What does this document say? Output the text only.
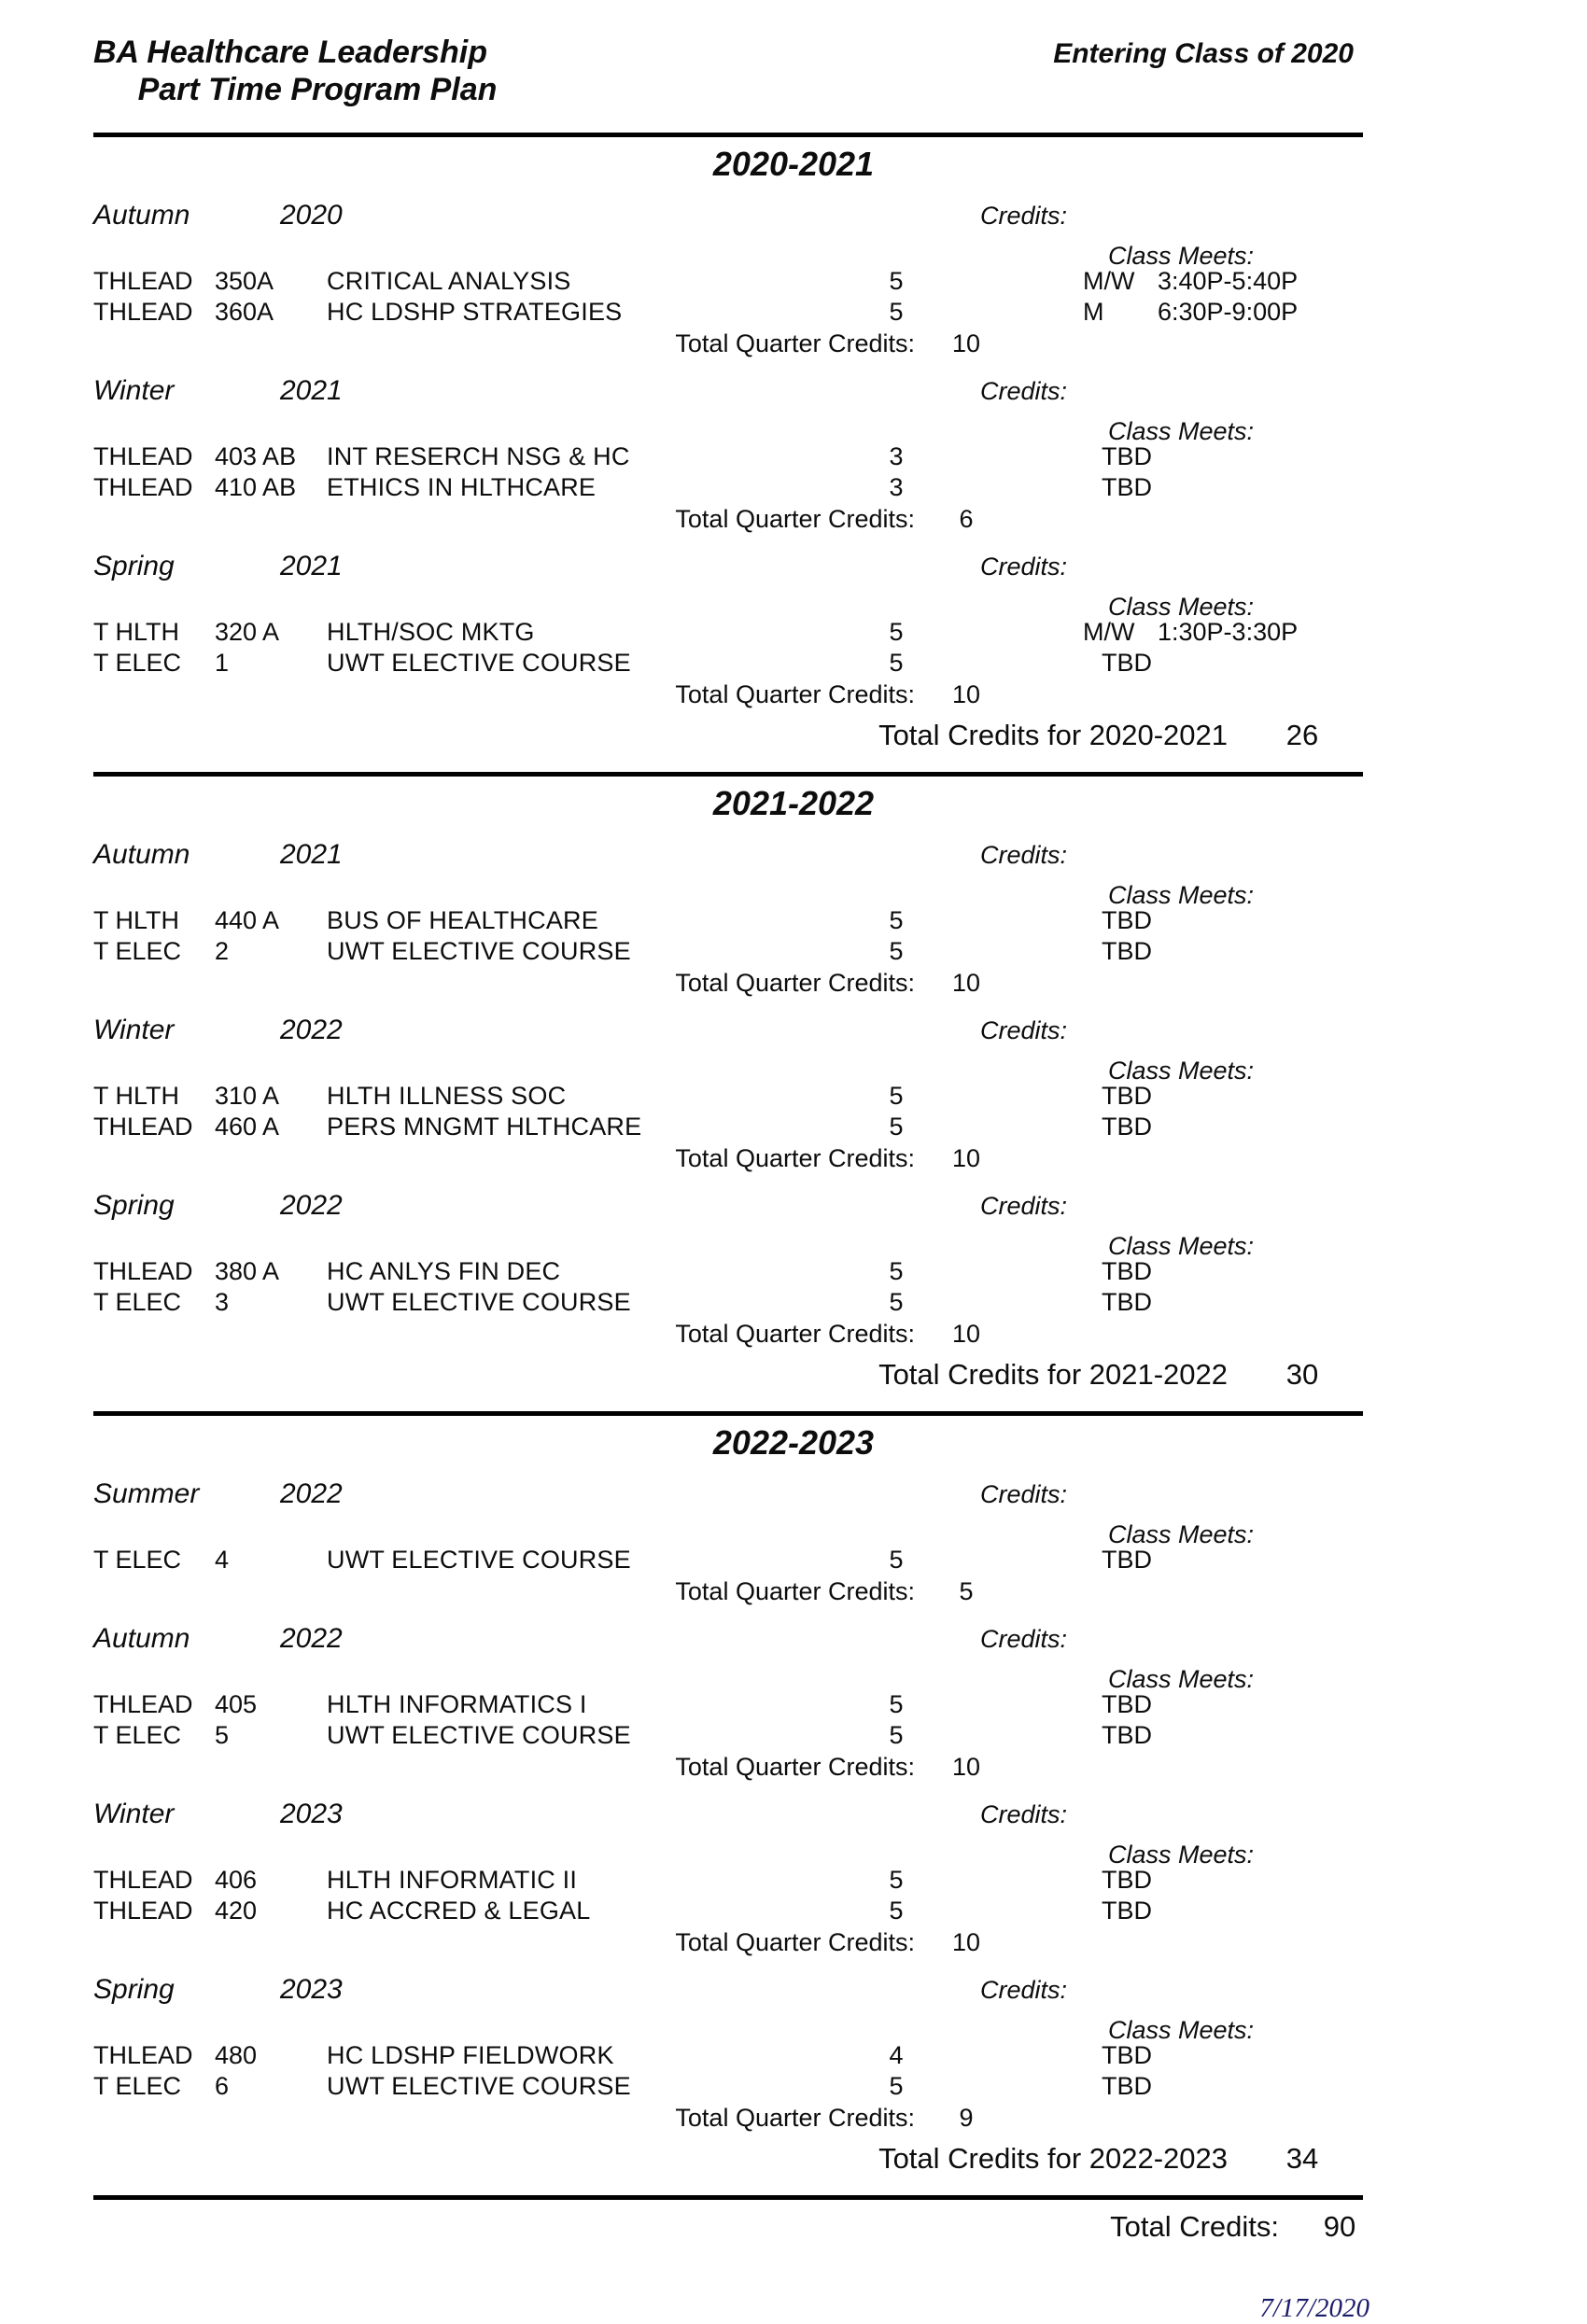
BA Healthcare Leadership
Part Time Program Plan
Entering Class of 2020
2020-2021
Autumn	2020	Credits:
Class Meets:
THLEAD 350A	CRITICAL ANALYSIS	5	M/W 3:40P-5:40P
THLEAD 360A	HC LDSHP STRATEGIES	5	M	6:30P-9:00P
Total Quarter Credits:	10
Winter	2021	Credits:
Class Meets:
THLEAD 403 AB	INT RESERCH NSG & HC	3	TBD
THLEAD 410 AB	ETHICS IN HLTHCARE	3	TBD
Total Quarter Credits:	6
Spring	2021	Credits:
Class Meets:
T HLTH	320 A	HLTH/SOC MKTG	5	M/W 1:30P-3:30P
T ELEC	1	UWT ELECTIVE COURSE	5	TBD
Total Quarter Credits:	10
Total Credits for 2020-2021	26
2021-2022
Autumn	2021	Credits:
Class Meets:
T HLTH	440 A	BUS OF HEALTHCARE	5	TBD
T ELEC	2	UWT ELECTIVE COURSE	5	TBD
Total Quarter Credits:	10
Winter	2022	Credits:
Class Meets:
T HLTH	310 A	HLTH ILLNESS SOC	5	TBD
THLEAD 460 A	PERS MNGMT HLTHCARE	5	TBD
Total Quarter Credits:	10
Spring	2022	Credits:
Class Meets:
THLEAD 380 A	HC ANLYS FIN DEC	5	TBD
T ELEC	3	UWT ELECTIVE COURSE	5	TBD
Total Quarter Credits:	10
Total Credits for 2021-2022	30
2022-2023
Summer	2022	Credits:
Class Meets:
T ELEC	4	UWT ELECTIVE COURSE	5	TBD
Total Quarter Credits:	5
Autumn	2022	Credits:
Class Meets:
THLEAD 405	HLTH INFORMATICS I	5	TBD
T ELEC	5	UWT ELECTIVE COURSE	5	TBD
Total Quarter Credits:	10
Winter	2023	Credits:
Class Meets:
THLEAD 406	HLTH INFORMATIC II	5	TBD
THLEAD 420	HC ACCRED & LEGAL	5	TBD
Total Quarter Credits:	10
Spring	2023	Credits:
Class Meets:
THLEAD 480	HC LDSHP FIELDWORK	4	TBD
T ELEC	6	UWT ELECTIVE COURSE	5	TBD
Total Quarter Credits:	9
Total Credits for 2022-2023	34
Total Credits:	90
7/17/2020
